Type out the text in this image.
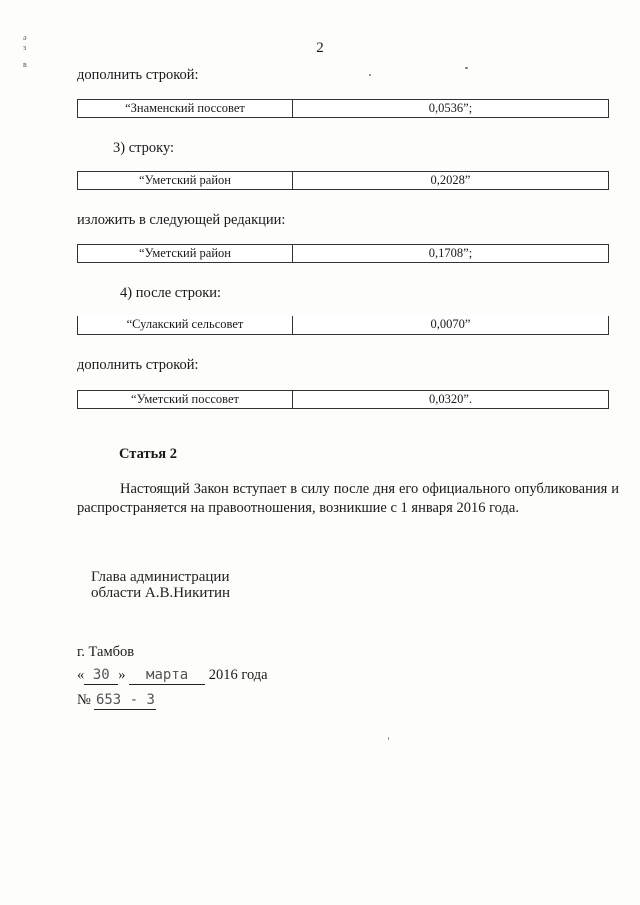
2
ǝ
з
в
дополнить строкой:
“Знаменский поссовет	0,0536”;
3) строку:
“Уметский район	0,2028”
изложить в следующей редакции:
“Уметский район	0,1708”;
4) после строки:
“Сулакский сельсовет	0,0070”
дополнить строкой:
“Уметский поссовет	0,0320”.
Статья 2
Настоящий Закон вступает в силу после дня его официального опубликования и распространяется на правоотношения, возникшие с 1 января 2016 года.
Глава администрации
области А.В.Никитин
г. Тамбов
« 30 » марта 2016 года
№ 653 - З
